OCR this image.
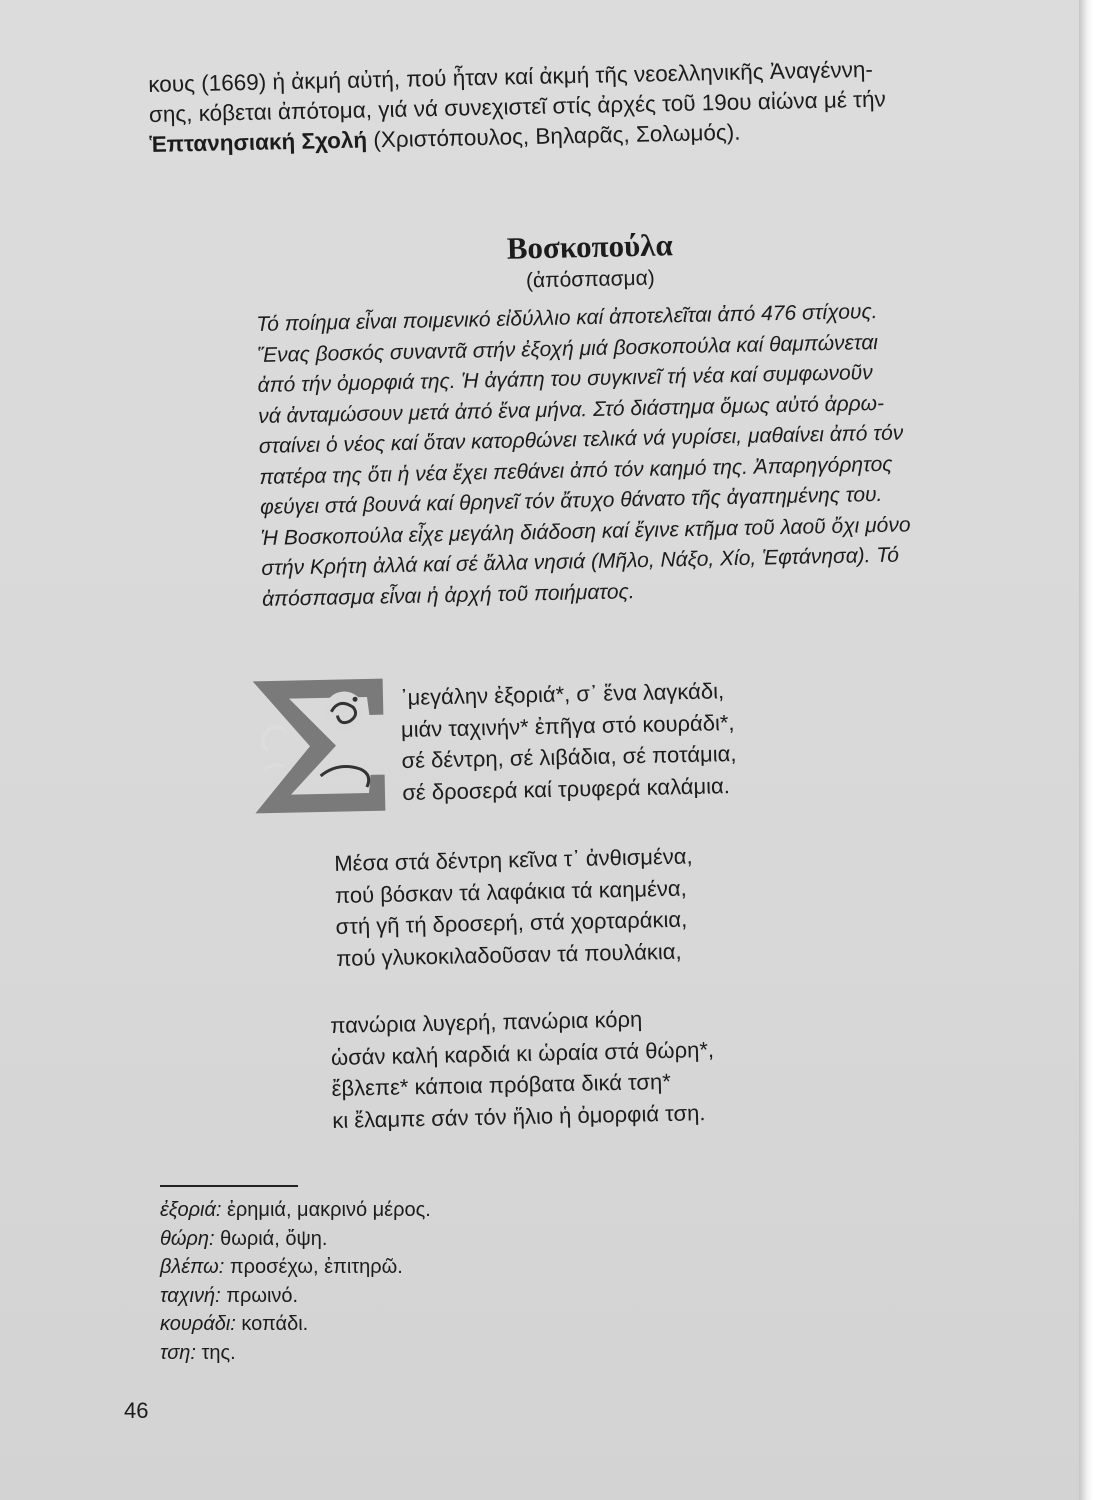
κους (1669) ἡ ἀκμή αὐτή, πού ἦταν καί ἀκμή τῆς νεοελληνικῆς Ἀναγέννη-

σης, κόβεται ἀπότομα, γιά νά συνεχιστεῖ στίς ἀρχές τοῦ 19ου αἰώνα μέ τήν

Ἑπτανησιακή Σχολή (Χριστόπουλος, Βηλαρᾶς, Σολωμός).

Βοσκοπούλα

(ἀπόσπασμα)

Τό ποίημα εἶναι ποιμενικό εἰδύλλιο καί ἀποτελεῖται ἀπό 476 στίχους.

Ἕνας βοσκός συναντᾶ στήν ἐξοχή μιά βοσκοπούλα καί θαμπώνεται

ἀπό τήν ὀμορφιά της. Ἡ ἀγάπη του συγκινεῖ τή νέα καί συμφωνοῦν

νά ἀνταμώσουν μετά ἀπό ἕνα μήνα. Στό διάστημα ὅμως αὐτό ἀρρω-

σταίνει ὁ νέος καί ὅταν κατορθώνει τελικά νά γυρίσει, μαθαίνει ἀπό τόν

πατέρα της ὅτι ἡ νέα ἔχει πεθάνει ἀπό τόν καημό της. Ἀπαρηγόρητος

φεύγει στά βουνά καί θρηνεῖ τόν ἄτυχο θάνατο τῆς ἀγαπημένης του.

Ἡ Βοσκοπούλα εἶχε μεγάλη διάδοση καί ἔγινε κτῆμα τοῦ λαοῦ ὄχι μόνο

στήν Κρήτη ἀλλά καί σέ ἄλλα νησιά (Μῆλο, Νάξο, Χίο, Ἑφτάνησα). Τό

ἀπόσπασμα εἶναι ἡ ἀρχή τοῦ ποιήματος.

᾿μεγάλην ἐξοριά*, σ᾿ ἕνα λαγκάδι,
μιάν ταχινήν* ἐπῆγα στό κουράδι*,
σέ δέντρη, σέ λιβάδια, σέ ποτάμια,
σέ δροσερά καί τρυφερά καλάμια.
Μέσα στά δέντρη κεῖνα τ᾿ ἀνθισμένα,
πού βόσκαν τά λαφάκια τά καημένα,
στή γῆ τή δροσερή, στά χορταράκια,
πού γλυκοκιλαδοῦσαν τά πουλάκια,
πανώρια λυγερή, πανώρια κόρη
ὡσάν καλή καρδιά κι ὡραία στά θώρη*,
ἔβλεπε* κάποια πρόβατα δικά τση*
κι ἔλαμπε σάν τόν ἥλιο ἡ ὀμορφιά τση.
ἐξοριά: ἐρημιά, μακρινό μέρος.
θώρη: θωριά, ὄψη.
βλέπω: προσέχω, ἐπιτηρῶ.
ταχινή: πρωινό.
κουράδι: κοπάδι.
τση: της.
46
